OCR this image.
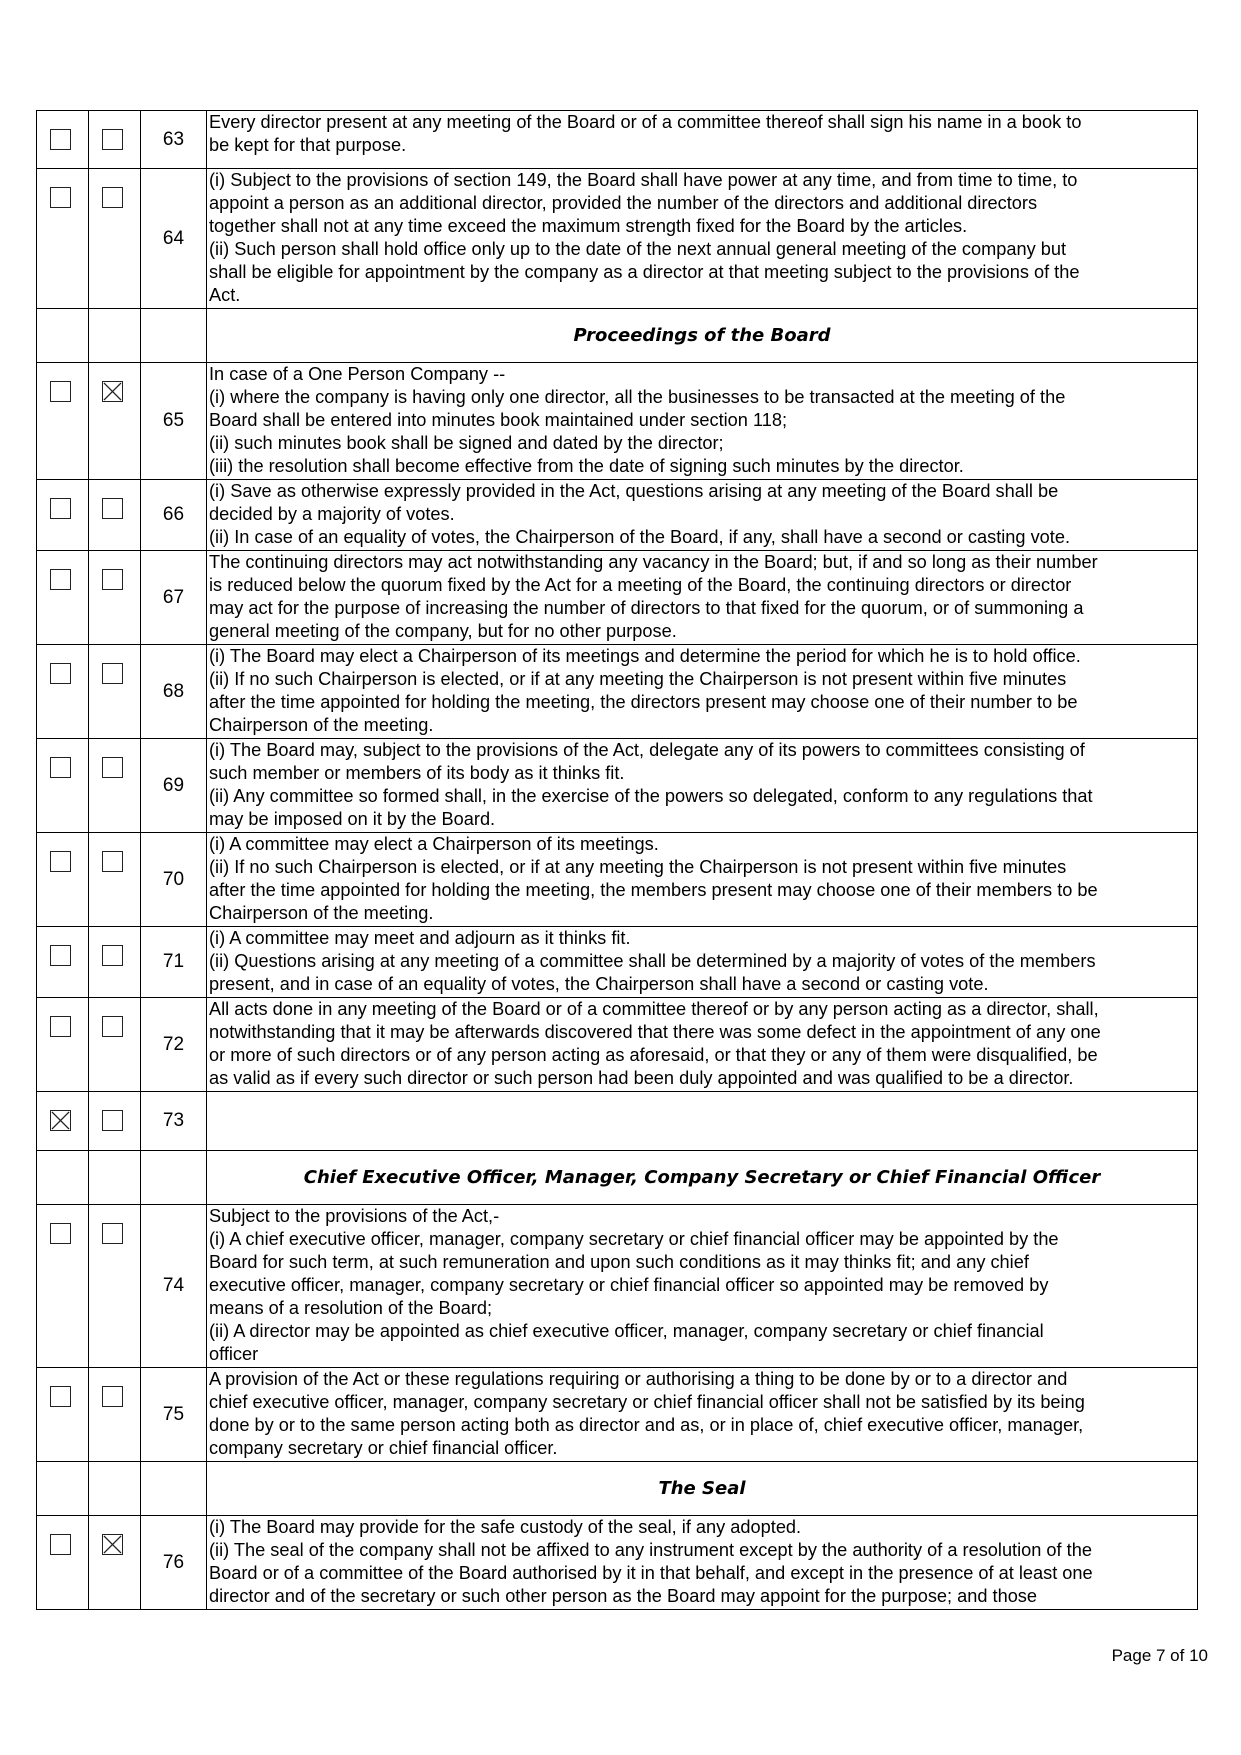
63
Every director present at any meeting of the Board or of a committee thereof shall sign his name in a book to
be kept for that purpose.
64
(i) Subject to the provisions of section 149, the Board shall have power at any time, and from time to time, to
appoint a person as an additional director, provided the number of the directors and additional directors
together shall not at any time exceed the maximum strength fixed for the Board by the articles.
(ii) Such person shall hold office only up to the date of the next annual general meeting of the company but
shall be eligible for appointment by the company as a director at that meeting subject to the provisions of the
Act.
Proceedings of the Board
65
In case of a One Person Company --
(i) where the company is having only one director, all the businesses to be transacted at the meeting of the
Board shall be entered into minutes book maintained under section 118;
(ii) such minutes book shall be signed and dated by the director;
(iii) the resolution shall become effective from the date of signing such minutes by the director.
66
(i) Save as otherwise expressly provided in the Act, questions arising at any meeting of the Board shall be
decided by a majority of votes.
(ii) In case of an equality of votes, the Chairperson of the Board, if any, shall have a second or casting vote.
67
The continuing directors may act notwithstanding any vacancy in the Board; but, if and so long as their number
is reduced below the quorum fixed by the Act for a meeting of the Board, the continuing directors or director
may act for the purpose of increasing the number of directors to that fixed for the quorum, or of summoning a
general meeting of the company, but for no other purpose.
68
(i) The Board may elect a Chairperson of its meetings and determine the period for which he is to hold office.
(ii) If no such Chairperson is elected, or if at any meeting the Chairperson is not present within five minutes
after the time appointed for holding the meeting, the directors present may choose one of their number to be
Chairperson of the meeting.
69
(i) The Board may, subject to the provisions of the Act, delegate any of its powers to committees consisting of
such member or members of its body as it thinks fit.
(ii) Any committee so formed shall, in the exercise of the powers so delegated, conform to any regulations that
may be imposed on it by the Board.
70
(i) A committee may elect a Chairperson of its meetings.
(ii) If no such Chairperson is elected, or if at any meeting the Chairperson is not present within five minutes
after the time appointed for holding the meeting, the members present may choose one of their members to be
Chairperson of the meeting.
71
(i) A committee may meet and adjourn as it thinks fit.
(ii) Questions arising at any meeting of a committee shall be determined by a majority of votes of the members
present, and in case of an equality of votes, the Chairperson shall have a second or casting vote.
72
All acts done in any meeting of the Board or of a committee thereof or by any person acting as a director, shall,
notwithstanding that it may be afterwards discovered that there was some defect in the appointment of any one
or more of such directors or of any person acting as aforesaid, or that they or any of them were disqualified, be
as valid as if every such director or such person had been duly appointed and was qualified to be a director.
73
Chief Executive Officer, Manager, Company Secretary or Chief Financial Officer
74
Subject to the provisions of the Act,-
(i) A chief executive officer, manager, company secretary or chief financial officer may be appointed by the
Board for such term, at such remuneration and upon such conditions as it may thinks fit; and any chief
executive officer, manager, company secretary or chief financial officer so appointed may be removed by
means of a resolution of the Board;
(ii) A director may be appointed as chief executive officer, manager, company secretary or chief financial
officer
75
A provision of the Act or these regulations requiring or authorising a thing to be done by or to a director and
chief executive officer, manager, company secretary or chief financial officer shall not be satisfied by its being
done by or to the same person acting both as director and as, or in place of, chief executive officer, manager,
company secretary or chief financial officer.
The Seal
76
(i) The Board may provide for the safe custody of the seal, if any adopted.
(ii) The seal of the company shall not be affixed to any instrument except by the authority of a resolution of the
Board or of a committee of the Board authorised by it in that behalf, and except in the presence of at least one
director and of the secretary or such other person as the Board may appoint for the purpose; and those
Page 7 of 10
